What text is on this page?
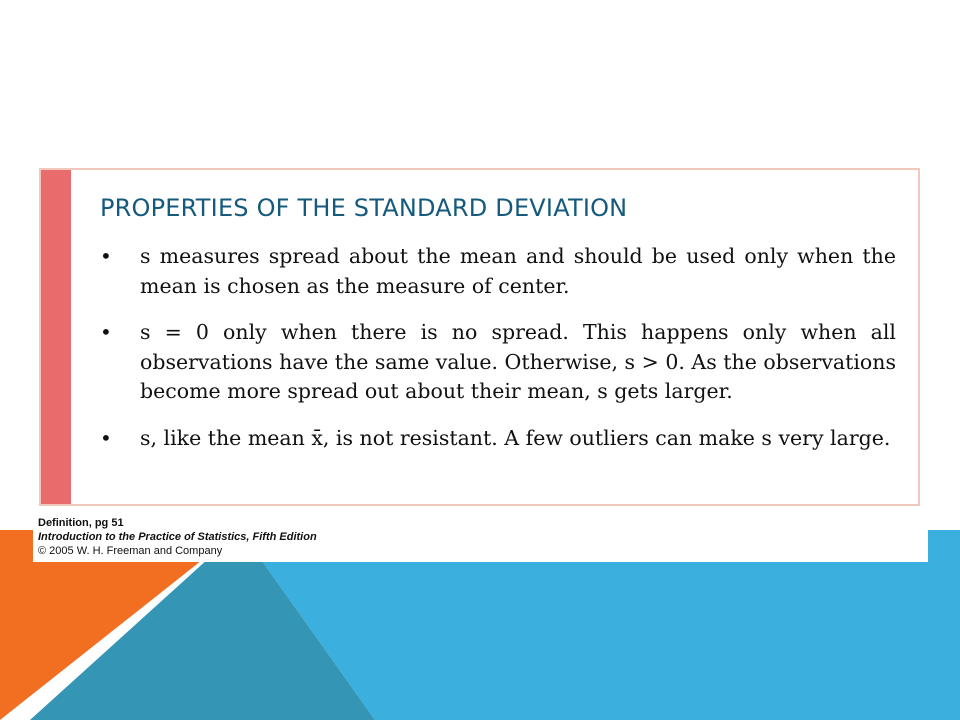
PROPERTIES OF THE STANDARD DEVIATION
• s measures spread about the mean and should be used only when the mean is chosen as the measure of center.
• s = 0 only when there is no spread. This happens only when all observations have the same value. Otherwise, s > 0. As the observations become more spread out about their mean, s gets larger.
• s, like the mean x̄, is not resistant. A few outliers can make s very large.
Definition, pg 51
Introduction to the Practice of Statistics, Fifth Edition
© 2005 W. H. Freeman and Company
